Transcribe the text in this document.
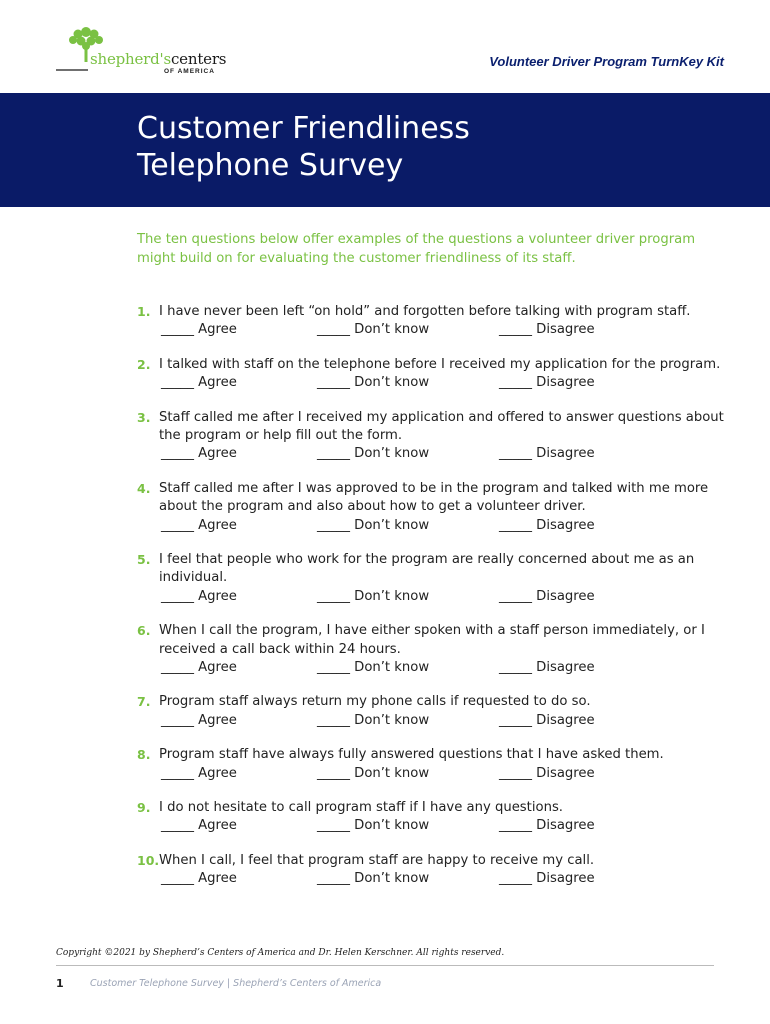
shepherd'scenters
OF AMERICA
Volunteer Driver Program TurnKey Kit
Customer Friendliness
Telephone Survey
The ten questions below offer examples of the questions a volunteer driver program might build on for evaluating the customer friendliness of its staff.
1. I have never been left “on hold” and forgotten before talking with program staff.
_____ Agree	_____ Don’t know	_____ Disagree
2. I talked with staff on the telephone before I received my application for the program.
_____ Agree	_____ Don’t know	_____ Disagree
3. Staff called me after I received my application and offered to answer questions about the program or help fill out the form.
_____ Agree	_____ Don’t know	_____ Disagree
4. Staff called me after I was approved to be in the program and talked with me more about the program and also about how to get a volunteer driver.
_____ Agree	_____ Don’t know	_____ Disagree
5. I feel that people who work for the program are really concerned about me as an individual.
_____ Agree	_____ Don’t know	_____ Disagree
6. When I call the program, I have either spoken with a staff person immediately, or I received a call back within 24 hours.
_____ Agree	_____ Don’t know	_____ Disagree
7. Program staff always return my phone calls if requested to do so.
_____ Agree	_____ Don’t know	_____ Disagree
8. Program staff have always fully answered questions that I have asked them.
_____ Agree	_____ Don’t know	_____ Disagree
9. I do not hesitate to call program staff if I have any questions.
_____ Agree	_____ Don’t know	_____ Disagree
10. When I call, I feel that program staff are happy to receive my call.
_____ Agree	_____ Don’t know	_____ Disagree
Copyright ©2021 by Shepherd’s Centers of America and Dr. Helen Kerschner. All rights reserved.
1	Customer Telephone Survey | Shepherd’s Centers of America
